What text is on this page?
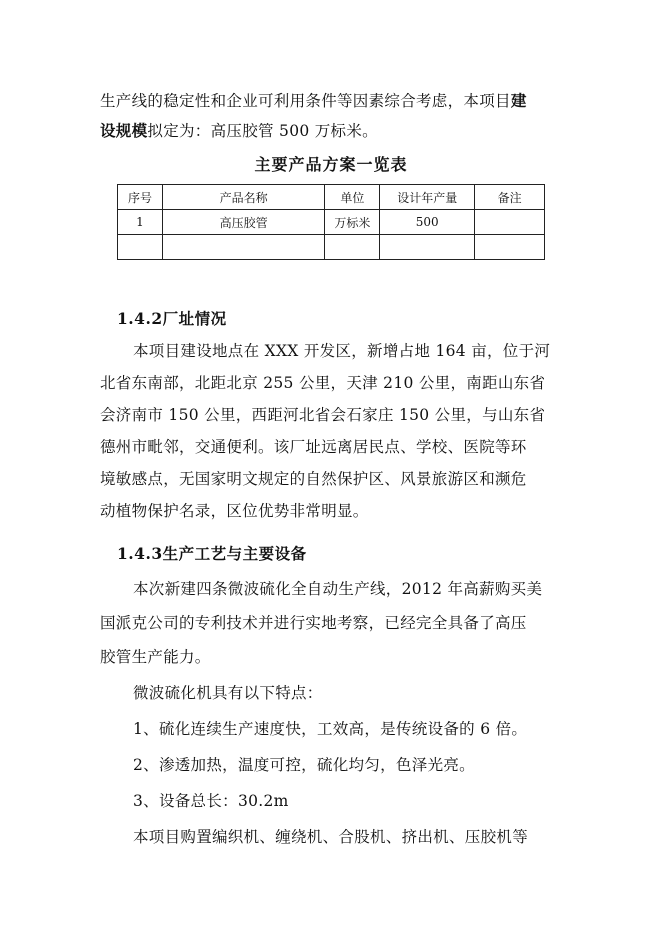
生产线的稳定性和企业可利用条件等因素综合考虑，本项目建
设规模拟定为：高压胶管 500 万标米。
主要产品方案一览表
序号	产品名称	单位	设计年产量	备注
1	高压胶管	万标米	500	

1.4.2厂址情况
本项目建设地点在 XXX 开发区，新增占地 164 亩，位于河
北省东南部，北距北京 255 公里，天津 210 公里，南距山东省
会济南市 150 公里，西距河北省会石家庄 150 公里，与山东省
德州市毗邻，交通便利。该厂址远离居民点、学校、医院等环
境敏感点，无国家明文规定的自然保护区、风景旅游区和濒危
动植物保护名录，区位优势非常明显。
1.4.3生产工艺与主要设备
本次新建四条微波硫化全自动生产线，2012 年高薪购买美
国派克公司的专利技术并进行实地考察，已经完全具备了高压
胶管生产能力。
微波硫化机具有以下特点：
1、硫化连续生产速度快，工效高，是传统设备的 6 倍。
2、渗透加热，温度可控，硫化均匀，色泽光亮。
3、设备总长：30.2m
本项目购置编织机、缠绕机、合股机、挤出机、压胶机等
